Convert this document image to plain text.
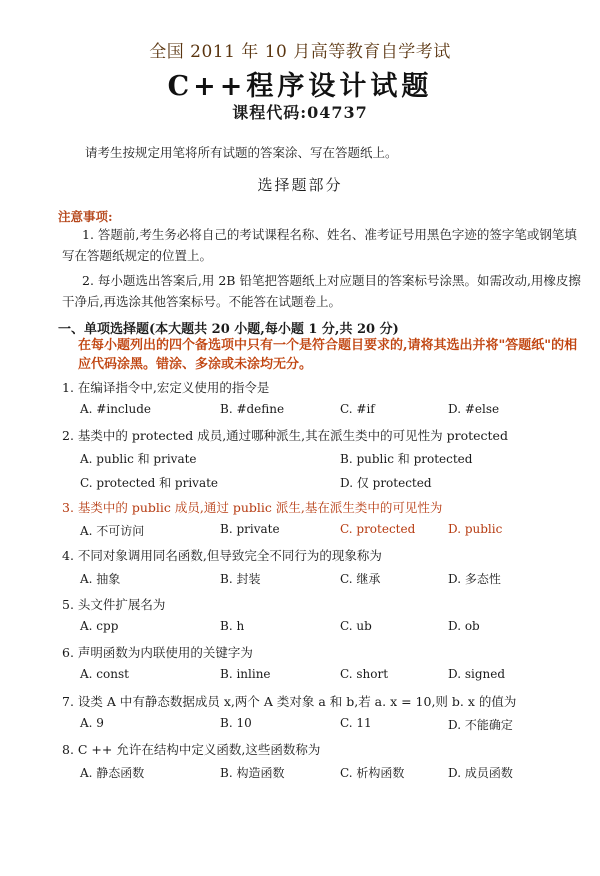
全国 2011 年 10 月高等教育自学考试
C++程序设计试题
课程代码:04737
请考生按规定用笔将所有试题的答案涂、写在答题纸上。
选择题部分
注意事项:
1. 答题前,考生务必将自己的考试课程名称、姓名、准考证号用黑色字迹的签字笔或钢笔填写在答题纸规定的位置上。
2. 每小题选出答案后,用 2B 铅笔把答题纸上对应题目的答案标号涂黑。如需改动,用橡皮擦干净后,再选涂其他答案标号。不能答在试题卷上。
一、单项选择题(本大题共 20 小题,每小题 1 分,共 20 分)
在每小题列出的四个备选项中只有一个是符合题目要求的,请将其选出并将"答题纸"的相应代码涂黑。错涂、多涂或未涂均无分。
1. 在编译指令中,宏定义使用的指令是
A. #include	B. #define	C. #if	D. #else
2. 基类中的 protected 成员,通过哪种派生,其在派生类中的可见性为 protected
A. public 和 private	B. public 和 protected
C. protected 和 private	D. 仅 protected
3. 基类中的 public 成员,通过 public 派生,基在派生类中的可见性为
A. 不可访问	B. private	C. protected	D. public
4. 不同对象调用同名函数,但导致完全不同行为的现象称为
A. 抽象	B. 封装	C. 继承	D. 多态性
5. 头文件扩展名为
A. cpp	B. h	C. ub	D. ob
6. 声明函数为内联使用的关键字为
A. const	B. inline	C. short	D. signed
7. 设类 A 中有静态数据成员 x,两个 A 类对象 a 和 b,若 a. x = 10,则 b. x 的值为
A. 9	B. 10	C. 11	D. 不能确定
8. C ++ 允许在结构中定义函数,这些函数称为
A. 静态函数	B. 构造函数	C. 析构函数	D. 成员函数
